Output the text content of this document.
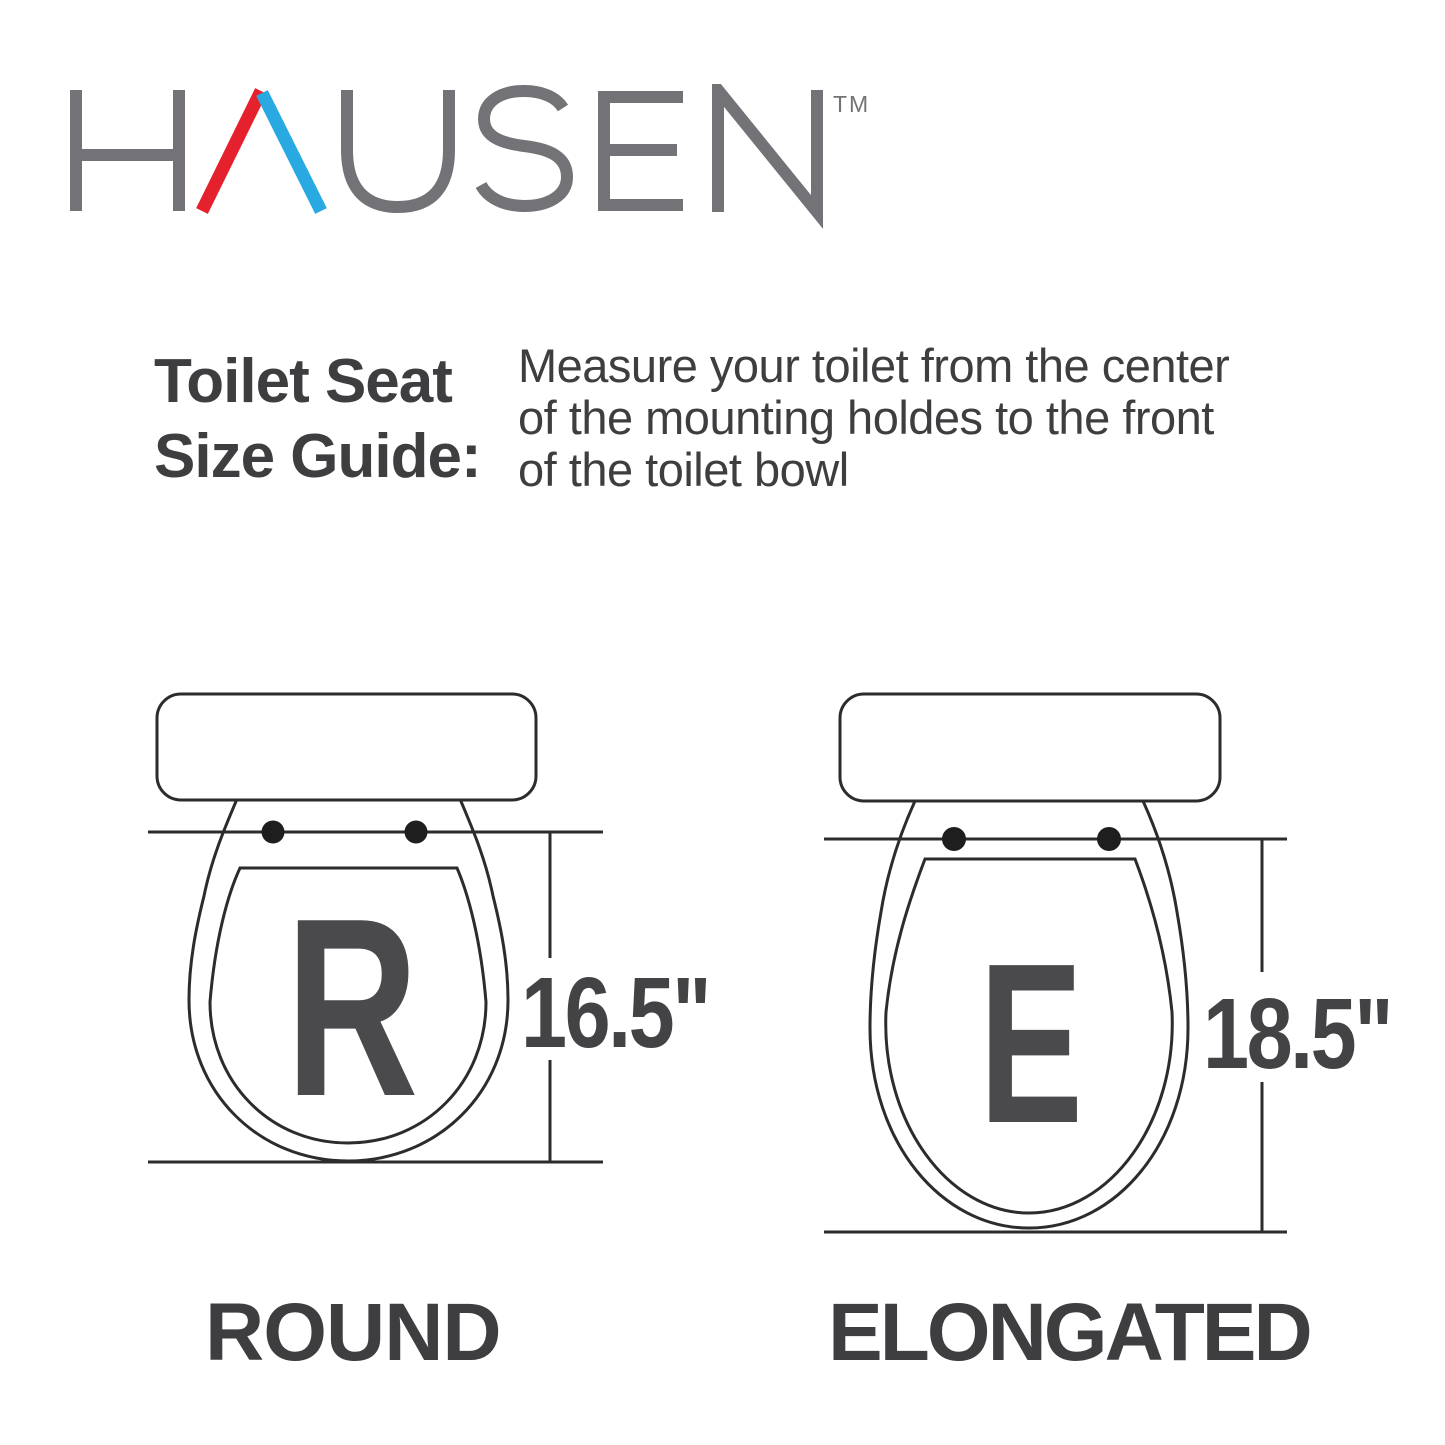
TM
Toilet Seat
Size Guide:
Measure your toilet from the center
of the mounting holdes to the front
of the toilet bowl
R 16.5" E 18.5"
ROUND	ELONGATED
